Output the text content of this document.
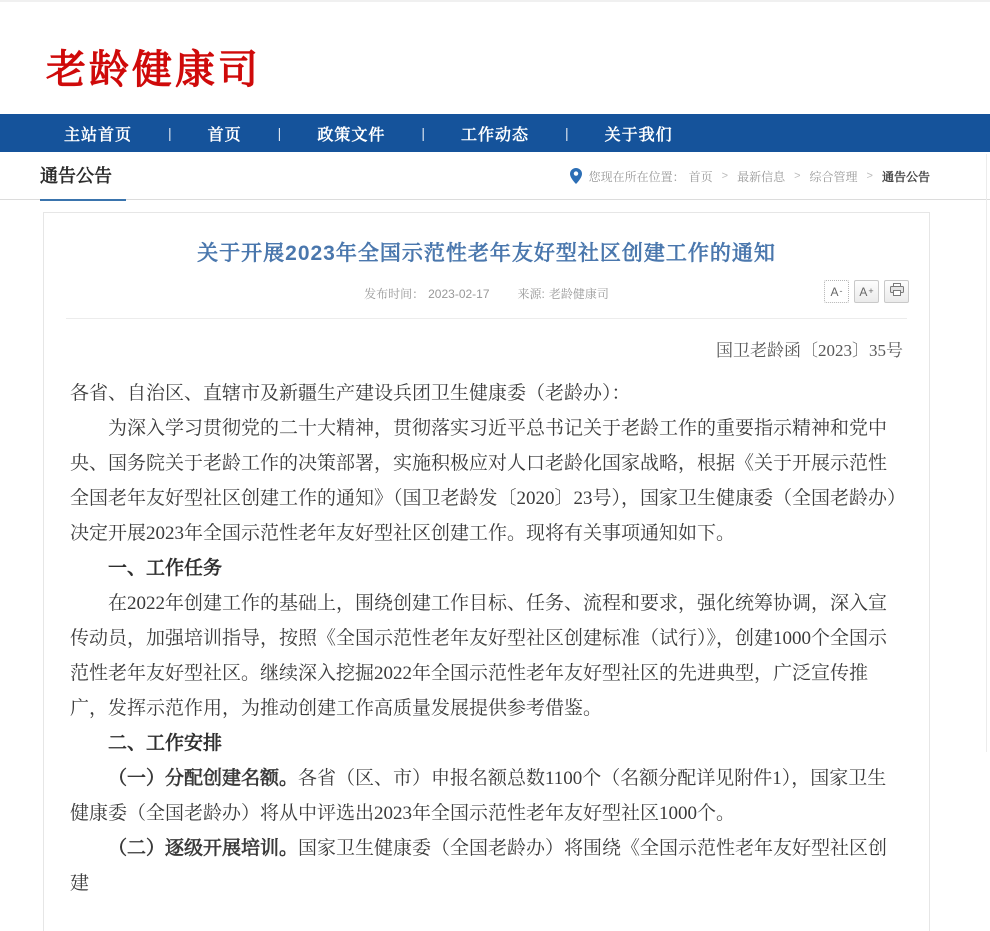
老龄健康司
主站首页	| 首页	| 政策文件	| 工作动态	| 关于我们
通告公告	您现在所在位置： 首页 > 最新信息 > 综合管理 > 通告公告
关于开展2023年全国示范性老年友好型社区创建工作的通知
发布时间： 2023-02-17 来源: 老龄健康司	A - A +
国卫老龄函〔2023〕35号

各省、自治区、直辖市及新疆生产建设兵团卫生健康委（老龄办）：

为深入学习贯彻党的二十大精神，贯彻落实习近平总书记关于老龄工作的重要指示精神和党中央、国务院关于老龄工作的决策部署，实施积极应对人口老龄化国家战略，根据《关于开展示范性全国老年友好型社区创建工作的通知》（国卫老龄发〔2020〕23号），国家卫生健康委（全国老龄办）决定开展2023年全国示范性老年友好型社区创建工作。现将有关事项通知如下。

一、工作任务

在2022年创建工作的基础上，围绕创建工作目标、任务、流程和要求，强化统筹协调，深入宣传动员，加强培训指导，按照《全国示范性老年友好型社区创建标准（试行）》，创建1000个全国示范性老年友好型社区。继续深入挖掘2022年全国示范性老年友好型社区的先进典型，广泛宣传推广，发挥示范作用，为推动创建工作高质量发展提供参考借鉴。

二、工作安排

（一）分配创建名额。各省（区、市）申报名额总数1100个（名额分配详见附件1），国家卫生健康委（全国老龄办）将从中评选出2023年全国示范性老年友好型社区1000个。

（二）逐级开展培训。国家卫生健康委（全国老龄办）将围绕《全国示范性老年友好型社区创建
